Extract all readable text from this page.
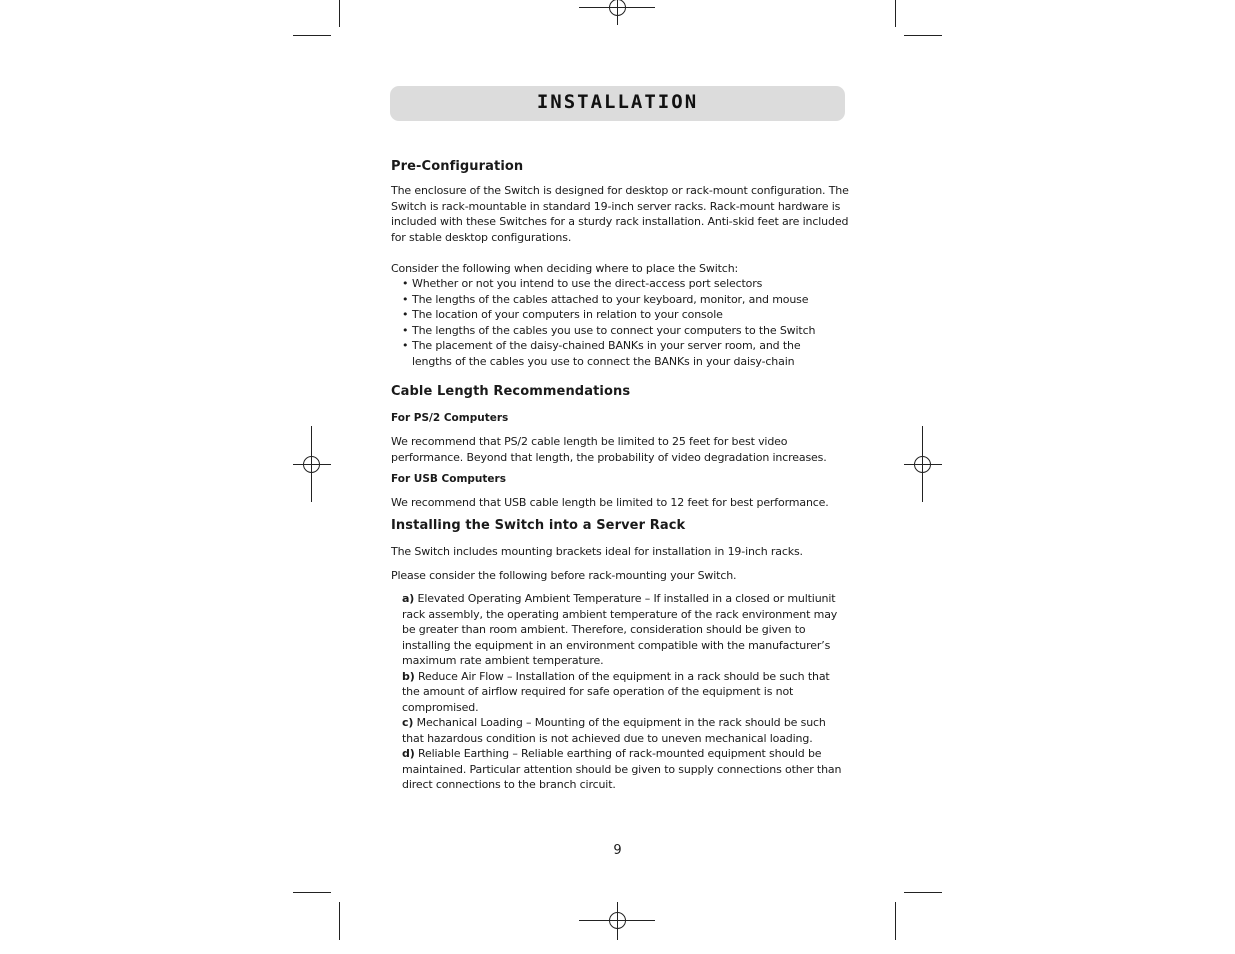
INSTALLATION
Pre-Configuration

The enclosure of the Switch is designed for desktop or rack-mount configuration. The Switch is rack-mountable in standard 19-inch server racks. Rack-mount hardware is included with these Switches for a sturdy rack installation. Anti-skid feet are included for stable desktop configurations.

Consider the following when deciding where to place the Switch:

• Whether or not you intend to use the direct-access port selectors
• The lengths of the cables attached to your keyboard, monitor, and mouse
• The location of your computers in relation to your console
• The lengths of the cables you use to connect your computers to the Switch
• The placement of the daisy-chained BANKs in your server room, and the lengths of the cables you use to connect the BANKs in your daisy-chain
Cable Length Recommendations
For PS/2 Computers

We recommend that PS/2 cable length be limited to 25 feet for best video performance. Beyond that length, the probability of video degradation increases.

For USB Computers

We recommend that USB cable length be limited to 12 feet for best performance.

Installing the Switch into a Server Rack

The Switch includes mounting brackets ideal for installation in 19-inch racks.

Please consider the following before rack-mounting your Switch.

a) Elevated Operating Ambient Temperature – If installed in a closed or multiunit rack assembly, the operating ambient temperature of the rack environment may be greater than room ambient. Therefore, consideration should be given to installing the equipment in an environment compatible with the manufacturer’s maximum rate ambient temperature.

b) Reduce Air Flow – Installation of the equipment in a rack should be such that the amount of airflow required for safe operation of the equipment is not compromised.

c) Mechanical Loading – Mounting of the equipment in the rack should be such that hazardous condition is not achieved due to uneven mechanical loading.

d) Reliable Earthing – Reliable earthing of rack-mounted equipment should be maintained. Particular attention should be given to supply connections other than direct connections to the branch circuit.

9
